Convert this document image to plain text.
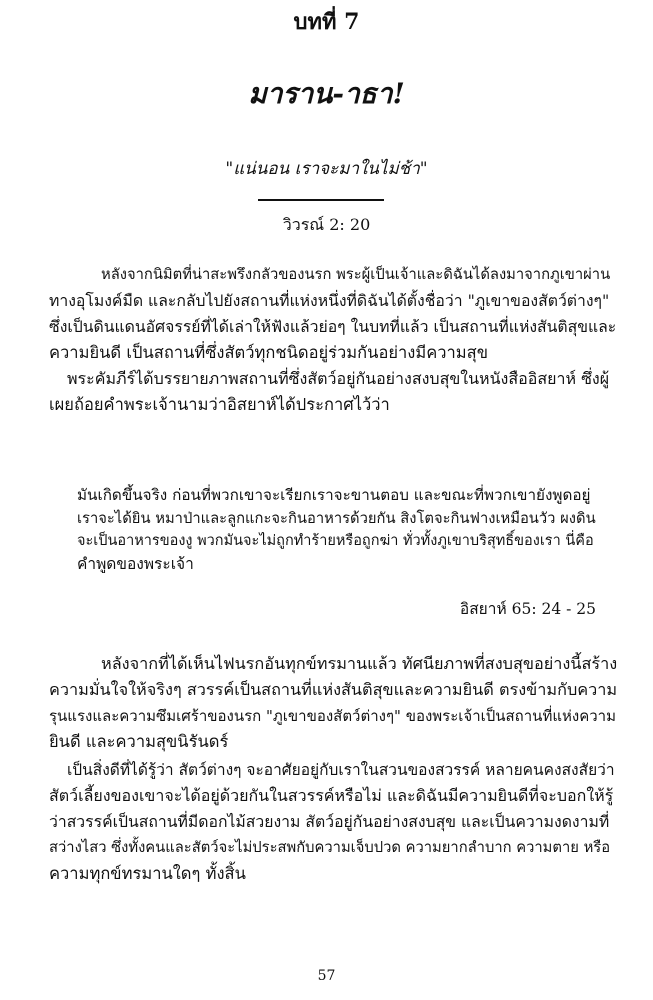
บทที่ 7
มาราน-าธา!
"แน่นอน เราจะมาในไม่ช้า"
วิวรณ์ 2: 20
หลังจากนิมิตที่น่าสะพรึงกลัวของนรก พระผู้เป็นเจ้าและดิฉันได้ลงมาจากภูเขาผ่าน
ทางอุโมงค์มืด และกลับไปยังสถานที่แห่งหนึ่งที่ดิฉันได้ตั้งชื่อว่า "ภูเขาของสัตว์ต่างๆ"
ซึ่งเป็นดินแดนอัศจรรย์ที่ได้เล่าให้ฟังแล้วย่อๆ ในบทที่แล้ว เป็นสถานที่แห่งสันติสุขและ
ความยินดี เป็นสถานที่ซึ่งสัตว์ทุกชนิดอยู่ร่วมกันอย่างมีความสุข
พระคัมภีร์ได้บรรยายภาพสถานที่ซึ่งสัตว์อยู่กันอย่างสงบสุขในหนังสืออิสยาห์ ซึ่งผู้
เผยถ้อยคำพระเจ้านามว่าอิสยาห์ได้ประกาศไว้ว่า
มันเกิดขึ้นจริง ก่อนที่พวกเขาจะเรียกเราจะขานตอบ และขณะที่พวกเขายังพูดอยู่
เราจะได้ยิน หมาป่าและลูกแกะจะกินอาหารด้วยกัน สิงโตจะกินฟางเหมือนวัว ผงดิน
จะเป็นอาหารของงู พวกมันจะไม่ถูกทำร้ายหรือถูกฆ่า ทั่วทั้งภูเขาบริสุทธิ์ของเรา นี่คือ
คำพูดของพระเจ้า
อิสยาห์ 65: 24 - 25
หลังจากที่ได้เห็นไฟนรกอันทุกข์ทรมานแล้ว ทัศนียภาพที่สงบสุขอย่างนี้สร้าง
ความมั่นใจให้จริงๆ สวรรค์เป็นสถานที่แห่งสันติสุขและความยินดี ตรงข้ามกับความ
รุนแรงและความซึมเศร้าของนรก "ภูเขาของสัตว์ต่างๆ" ของพระเจ้าเป็นสถานที่แห่งความ
ยินดี และความสุขนิรันดร์
เป็นสิ่งดีที่ได้รู้ว่า สัตว์ต่างๆ จะอาศัยอยู่กับเราในสวนของสวรรค์ หลายคนคงสงสัยว่า
สัตว์เลี้ยงของเขาจะได้อยู่ด้วยกันในสวรรค์หรือไม่ และดิฉันมีความยินดีที่จะบอกให้รู้
ว่าสวรรค์เป็นสถานที่มีดอกไม้สวยงาม สัตว์อยู่กันอย่างสงบสุข และเป็นความงดงามที่
สว่างไสว ซึ่งทั้งคนและสัตว์จะไม่ประสพกับความเจ็บปวด ความยากลำบาก ความตาย หรือ
ความทุกข์ทรมานใดๆ ทั้งสิ้น
57
